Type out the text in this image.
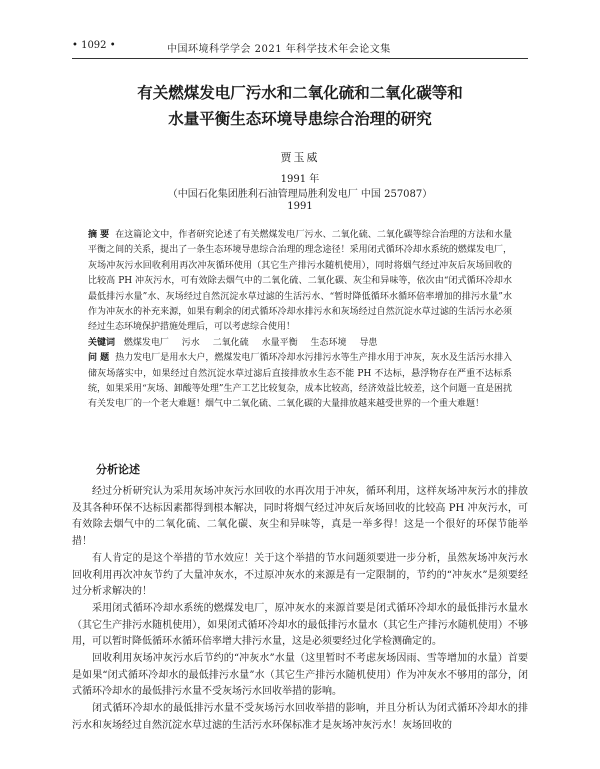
• 1092 •	中国环境科学学会 2021 年科学技术年会论文集
有关燃煤发电厂污水和二氧化硫和二氧化碳等和
水量平衡生态环境导患综合治理的研究
贾玉威
1991 年
（中国石化集团胜利石油管理局胜利发电厂 中国 257087）
1991

摘 要 在这篇论文中，作者研究论述了有关燃煤发电厂污水、二氧化硫、二氧化碳等综合治理的方法和水量平衡之间的关系，提出了一条生态环境导患综合治理的理念途径！采用闭式循环冷却水系统的燃煤发电厂，灰场冲灰污水回收利用再次冲灰循环使用（其它生产排污水随机使用），同时将烟气经过冲灰后灰场回收的比较高 PH 冲灰污水，可有效除去烟气中的二氧化硫、二氧化碳、灰尘和异味等，依次由“闭式循环冷却水最低排污水量”水、灰场经过自然沉淀水草过滤的生活污水、“暂时降低循环水循环倍率增加的排污水量”水作为冲灰水的补充来源，如果有剩余的闭式循环冷却水排污水和灰场经过自然沉淀水草过滤的生活污水必须经过生态环境保护措施处理后，可以考虑综合使用！

关键词 燃煤发电厂 污水 二氧化硫 水量平衡 生态环境 导患

问 题 热力发电厂是用水大户，燃煤发电厂循环冷却水污排污水等生产排水用于冲灰，灰水及生活污水排入储灰场落实中，如果经过自然沉淀水草过滤后直接排放水生态不能 PH 不达标，悬浮物存在严重不达标系统，如果采用“灰场、卸酸等处理”生产工艺比较复杂，成本比较高，经济效益比较差，这个问题一直是困扰有关发电厂的一个老大难题！烟气中二氧化硫、二氧化碳的大量排放越来越受世界的一个重大难题！

分析论述

经过分析研究认为采用灰场冲灰污水回收的水再次用于冲灰，循环利用，这样灰场冲灰污水的排放及其各种环保不达标因素都得到根本解决，同时将烟气经过冲灰后灰场回收的比较高 PH 冲灰污水，可有效除去烟气中的二氧化硫、二氧化碳、灰尘和异味等，真是一举多得！这是一个很好的环保节能举措！

有人肯定的是这个举措的节水效应！关于这个举措的节水问题须要进一步分析，虽然灰场冲灰污水回收利用再次冲灰节约了大量冲灰水，不过原冲灰水的来源是有一定限制的，节约的“冲灰水”是须要经过分析求解决的！

采用闭式循环冷却水系统的燃煤发电厂，原冲灰水的来源首要是闭式循环冷却水的最低排污水量水（其它生产排污水随机使用），如果闭式循环冷却水的最低排污水量水（其它生产排污水随机使用）不够用，可以暂时降低循环水循环倍率增大排污水量，这是必须要经过化学检测确定的。

回收利用灰场冲灰污水后节约的“冲灰水”水量（这里暂时不考虑灰场因雨、雪等增加的水量）首要是如果“闭式循环冷却水的最低排污水量”水（其它生产排污水随机使用）作为冲灰水不够用的部分，闭式循环冷却水的最低排污水量不受灰场污水回收举措的影响。

闭式循环冷却水的最低排污水量不受灰场污水回收举措的影响，并且分析认为闭式循环冷却水的排污水和灰场经过自然沉淀水草过滤的生活污水环保标准才是灰场冲灰污水！灰场回收的
